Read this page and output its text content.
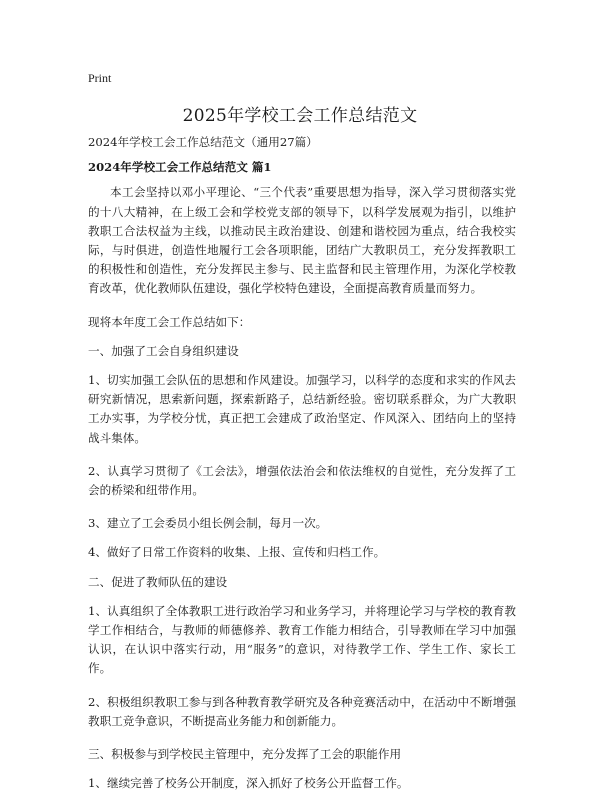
Print
2025年学校工会工作总结范文

2024年学校工会工作总结范文（通用27篇）

2024年学校工会工作总结范文 篇1

本工会坚持以邓小平理论、“三个代表”重要思想为指导，深入学习贯彻落实党的十八大精神，在上级工会和学校党支部的领导下，以科学发展观为指引，以维护教职工合法权益为主线，以推动民主政治建设、创建和谐校园为重点，结合我校实际，与时俱进，创造性地履行工会各项职能，团结广大教职员工，充分发挥教职工的积极性和创造性，充分发挥民主参与、民主监督和民主管理作用，为深化学校教育改革，优化教师队伍建设，强化学校特色建设，全面提高教育质量而努力。

现将本年度工会工作总结如下：

一、加强了工会自身组织建设

1、切实加强工会队伍的思想和作风建设。加强学习，以科学的态度和求实的作风去研究新情况，思索新问题，探索新路子，总结新经验。密切联系群众，为广大教职工办实事，为学校分忧，真正把工会建成了政治坚定、作风深入、团结向上的坚持战斗集体。

2、认真学习贯彻了《工会法》，增强依法治会和依法维权的自觉性，充分发挥了工会的桥梁和纽带作用。

3、建立了工会委员小组长例会制，每月一次。

4、做好了日常工作资料的收集、上报、宣传和归档工作。

二、促进了教师队伍的建设

1、认真组织了全体教职工进行政治学习和业务学习，并将理论学习与学校的教育教学工作相结合，与教师的师德修养、教育工作能力相结合，引导教师在学习中加强认识，在认识中落实行动，用“服务”的意识，对待教学工作、学生工作、家长工作。

2、积极组织教职工参与到各种教育教学研究及各种竞赛活动中，在活动中不断增强教职工竞争意识，不断提高业务能力和创新能力。

三、积极参与到学校民主管理中，充分发挥了工会的职能作用

1、继续完善了校务公开制度，深入抓好了校务公开监督工作。
